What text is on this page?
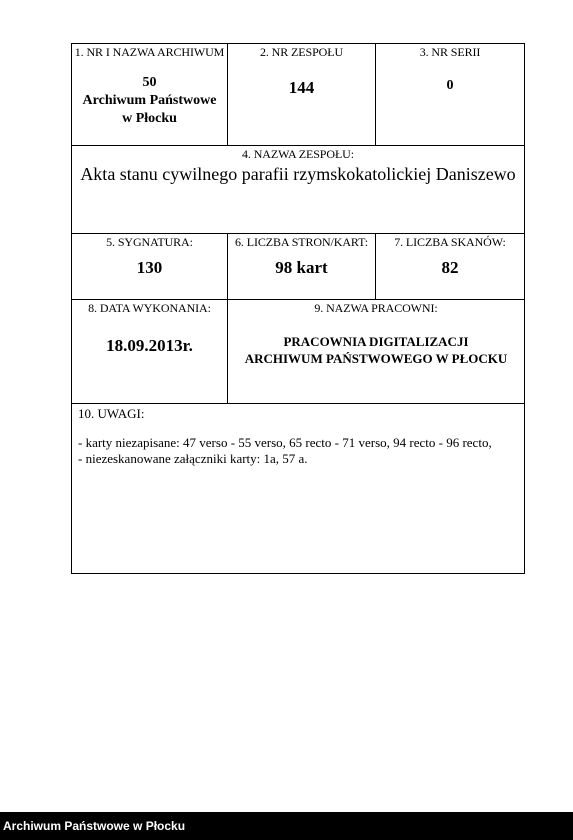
1. NR I NAZWA ARCHIWUM
50
Archiwum Państwowe
w Płocku
2. NR ZESPOŁU
144
3. NR SERII
0
4. NAZWA ZESPOŁU:
Akta stanu cywilnego parafii rzymskokatolickiej Daniszewo
5. SYGNATURA:
130
6. LICZBA STRON/KART:
98 kart
7. LICZBA SKANÓW:
82
8. DATA WYKONANIA:
18.09.2013r.
9. NAZWA PRACOWNI:
PRACOWNIA DIGITALIZACJI
ARCHIWUM PAŃSTWOWEGO W PŁOCKU
10. UWAGI:
- karty niezapisane: 47 verso - 55 verso, 65 recto - 71 verso, 94 recto - 96 recto,
- niezeskanowane załączniki karty: 1a, 57 a.
Archiwum Państwowe w Płocku
